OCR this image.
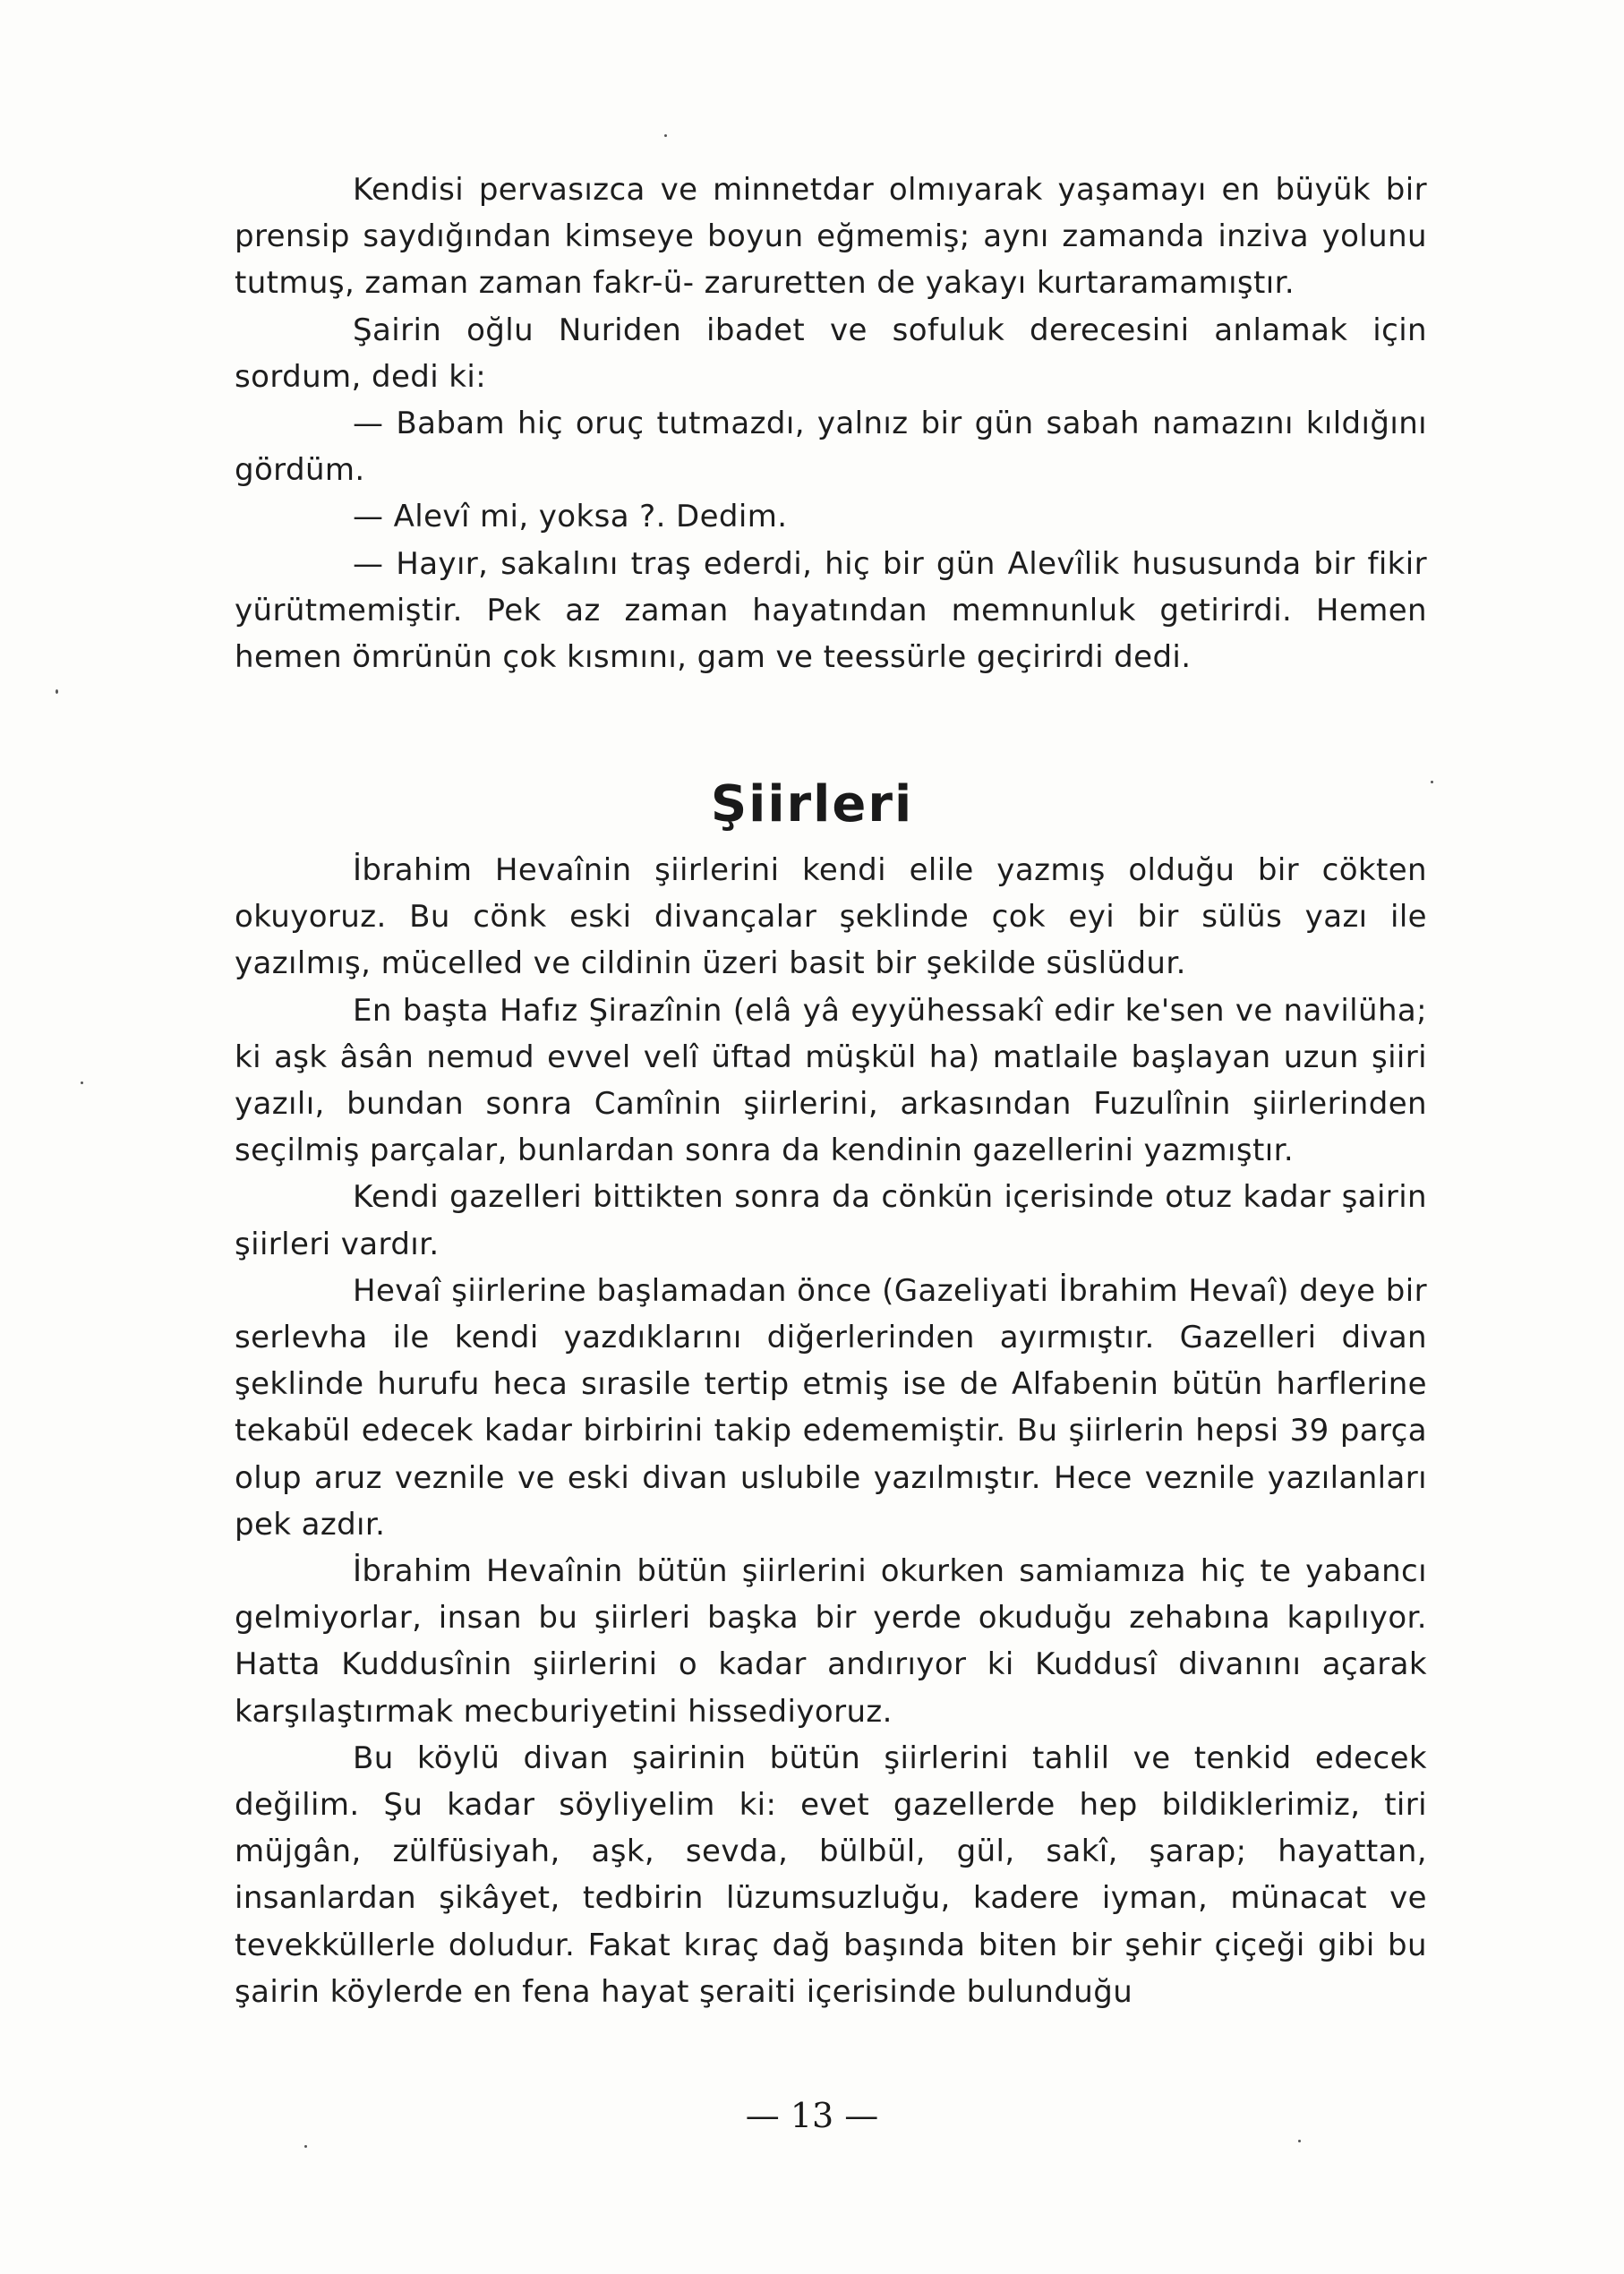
Kendisi pervasızca ve minnetdar olmıyarak yaşamayı en büyük bir prensip saydığından kimseye boyun eğmemiş; aynı zamanda inziva yolunu tutmuş, zaman zaman fakr-ü- zaruretten de yakayı kurtaramamıştır.

Şairin oğlu Nuriden ibadet ve sofuluk derecesini anlamak için sordum, dedi ki:

— Babam hiç oruç tutmazdı, yalnız bir gün sabah namazını kıldığını gördüm.

— Alevî mi, yoksa ?. Dedim.

— Hayır, sakalını traş ederdi, hiç bir gün Alevîlik hususunda bir fikir yürütmemiştir. Pek az zaman hayatından memnunluk getirirdi. Hemen hemen ömrünün çok kısmını, gam ve teessürle geçirirdi dedi.

Şiirleri

İbrahim Hevaînin şiirlerini kendi elile yazmış olduğu bir cökten okuyoruz. Bu cönk eski divançalar şeklinde çok eyi bir sülüs yazı ile yazılmış, mücelled ve cildinin üzeri basit bir şekilde süslüdur.

En başta Hafız Şirazînin (elâ yâ eyyühessakî edir ke'sen ve navilüha; ki aşk âsân nemud evvel velî üftad müşkül ha) matlaile başlayan uzun şiiri yazılı, bundan sonra Camînin şiirlerini, arkasından Fuzulînin şiirlerinden seçilmiş parçalar, bunlardan sonra da kendinin gazellerini yazmıştır.

Kendi gazelleri bittikten sonra da cönkün içerisinde otuz kadar şairin şiirleri vardır.

Hevaî şiirlerine başlamadan önce (Gazeliyati İbrahim Hevaî) deye bir serlevha ile kendi yazdıklarını diğerlerinden ayırmıştır. Gazelleri divan şeklinde hurufu heca sırasile tertip etmiş ise de Alfabenin bütün harflerine tekabül edecek kadar birbirini takip edememiştir. Bu şiirlerin hepsi 39 parça olup aruz veznile ve eski divan uslubile yazılmıştır. Hece veznile yazılanları pek azdır.

İbrahim Hevaînin bütün şiirlerini okurken samiamıza hiç te yabancı gelmiyorlar, insan bu şiirleri başka bir yerde okuduğu zehabına kapılıyor. Hatta Kuddusînin şiirlerini o kadar andırıyor ki Kuddusî divanını açarak karşılaştırmak mecburiyetini hissediyoruz.

Bu köylü divan şairinin bütün şiirlerini tahlil ve tenkid edecek değilim. Şu kadar söyliyelim ki: evet gazellerde hep bildiklerimiz, tiri müjgân, zülfüsiyah, aşk, sevda, bülbül, gül, sakî, şarap; hayattan, insanlardan şikâyet, tedbirin lüzumsuzluğu, kadere iyman, münacat ve tevekküllerle doludur. Fakat kıraç dağ başında biten bir şehir çiçeği gibi bu şairin köylerde en fena hayat şeraiti içerisinde bulunduğu

— 13 —
